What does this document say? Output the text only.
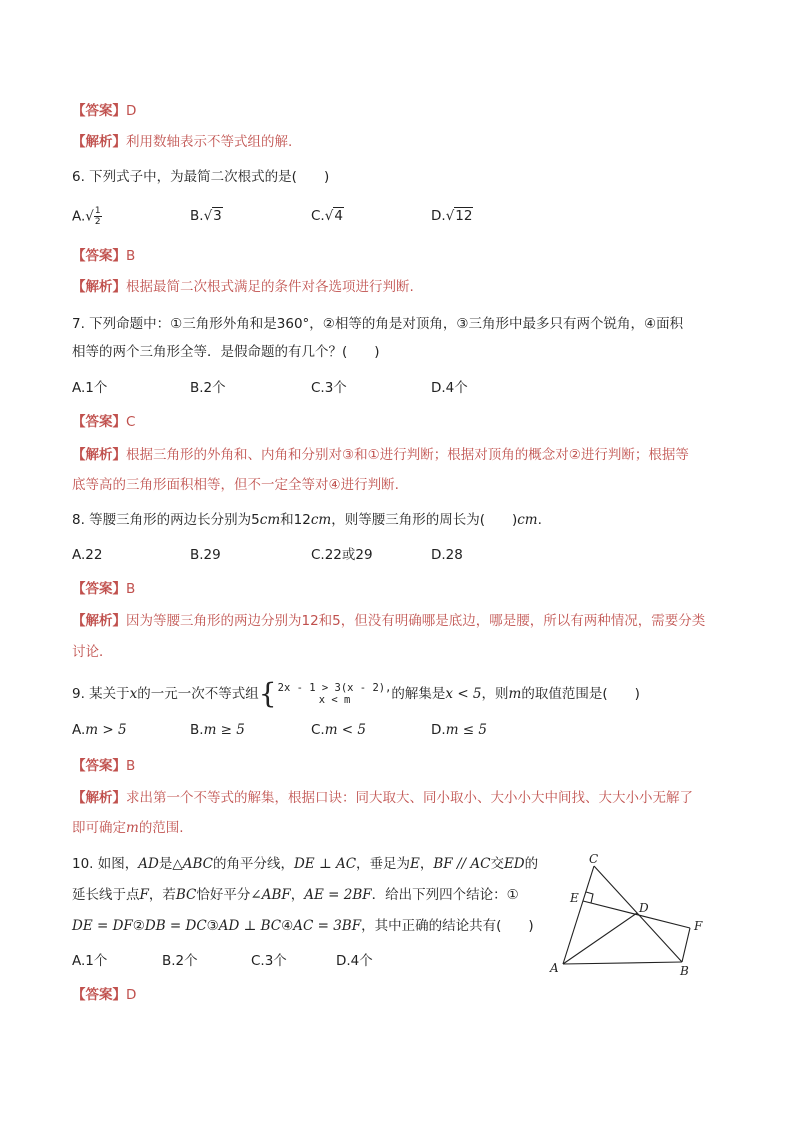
【答案】D
【解析】利用数轴表示不等式组的解.
6. 下列式子中，为最简二次根式的是(　　)
$A.√ \frac{1}{2}$	B.√3	C.√4	D.√12
【答案】B
【解析】根据最简二次根式满足的条件对各选项进行判断.
7. 下列命题中：①三角形外角和是360°，②相等的角是对顶角，③三角形中最多只有两个锐角，④面积
相等的两个三角形全等．是假命题的有几个？(　　)
A.1个	B.2个	C.3个	D.4个
【答案】C
【解析】根据三角形的外角和、内角和分别对③和①进行判断；根据对顶角的概念对②进行判断；根据等
底等高的三角形面积相等，但不一定全等对④进行判断.
8. 等腰三角形的两边长分别为5cm和12cm，则等腰三角形的周长为(　　)cm.
A.22	B.29	C.22或29	D.28
【答案】B
【解析】因为等腰三角形的两边分别为12和5，但没有明确哪是底边，哪是腰，所以有两种情况，需要分类
讨论．
9. 某关于x的一元一次不等式组 { 2x - 1 > 3(x - 2),
x < m	的解集是x < 5，则m的取值范围是(　　)
A.m > 5	B.m ≥ 5	C.m < 5	D.m ≤ 5
【答案】B
【解析】求出第一个不等式的解集，根据口诀：同大取大、同小取小、大小小大中间找、大大小小无解了
即可确定m的范围.
10. 如图，AD是△ABC的角平分线，DE ⊥ AC，垂足为E，BF // AC交ED的
延长线于点F，若BC恰好平分∠ABF，AE = 2BF．给出下列四个结论：①
DE = DF②DB = DC③AD ⊥ BC④AC = 3BF，其中正确的结论共有(　　)
A.1个	B.2个	C.3个	D.4个
【答案】D
C
E
D
F
A	B
